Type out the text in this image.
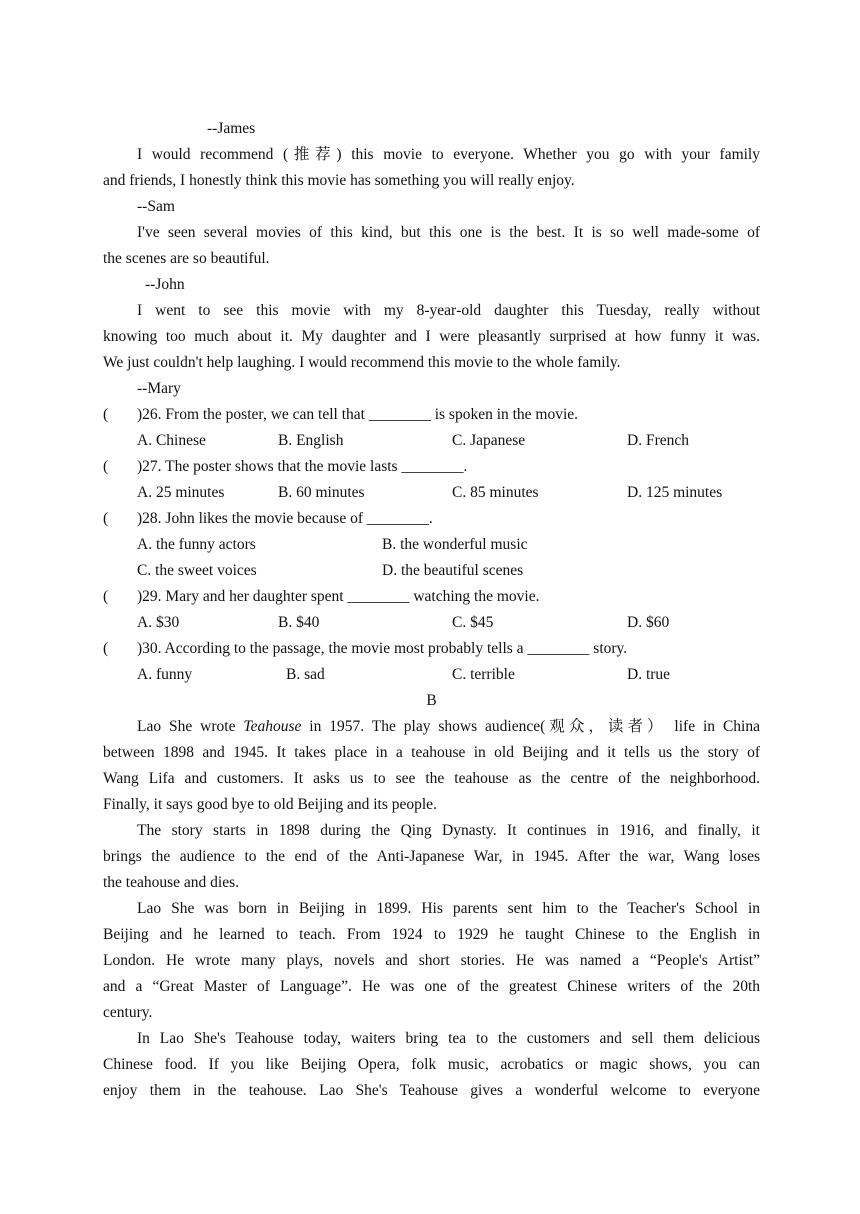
--James
I would recommend (推荐) this movie to everyone. Whether you go with your family
and friends, I honestly think this movie has something you will really enjoy.
--Sam
I've seen several movies of this kind, but this one is the best. It is so well made-some of
the scenes are so beautiful.
--John
I went to see this movie with my 8‐year‐old daughter this Tuesday, really without
knowing too much about it. My daughter and I were pleasantly surprised at how funny it was.
We just couldn't help laughing. I would recommend this movie to the whole family.
--Mary
(	)26. From the poster, we can tell that ________ is spoken in the movie.
A. Chinese	B. English	C. Japanese	D. French
(	)27. The poster shows that the movie lasts ________.
A. 25 minutes	B. 60 minutes	C. 85 minutes	D. 125 minutes
(	)28. John likes the movie because of ________.
A. the funny actors	B. the wonderful music
C. the sweet voices	D. the beautiful scenes
(	)29. Mary and her daughter spent ________ watching the movie.
A. $30	B. $40	C. $45	D. $60
(	)30. According to the passage, the movie most probably tells a ________ story.
A. funny	B. sad	C. terrible	D. true
B
Lao She wrote Teahouse in 1957. The play shows audience(观众，读者） life in China
between 1898 and 1945. It takes place in a teahouse in old Beijing and it tells us the story of
Wang Lifa and customers. It asks us to see the teahouse as the centre of the neighborhood.
Finally, it says good bye to old Beijing and its people.
The story starts in 1898 during the Qing Dynasty. It continues in 1916, and finally, it
brings the audience to the end of the Anti‐Japanese War, in 1945. After the war, Wang loses
the teahouse and dies.
Lao She was born in Beijing in 1899. His parents sent him to the Teacher's School in
Beijing and he learned to teach. From 1924 to 1929 he taught Chinese to the English in
London. He wrote many plays, novels and short stories. He was named a “People's Artist”
and a “Great Master of Language”. He was one of the greatest Chinese writers of the 20th
century.
In Lao She's Teahouse today, waiters bring tea to the customers and sell them delicious
Chinese food. If you like Beijing Opera, folk music, acrobatics or magic shows, you can
enjoy them in the teahouse. Lao She's Teahouse gives a wonderful welcome to everyone
